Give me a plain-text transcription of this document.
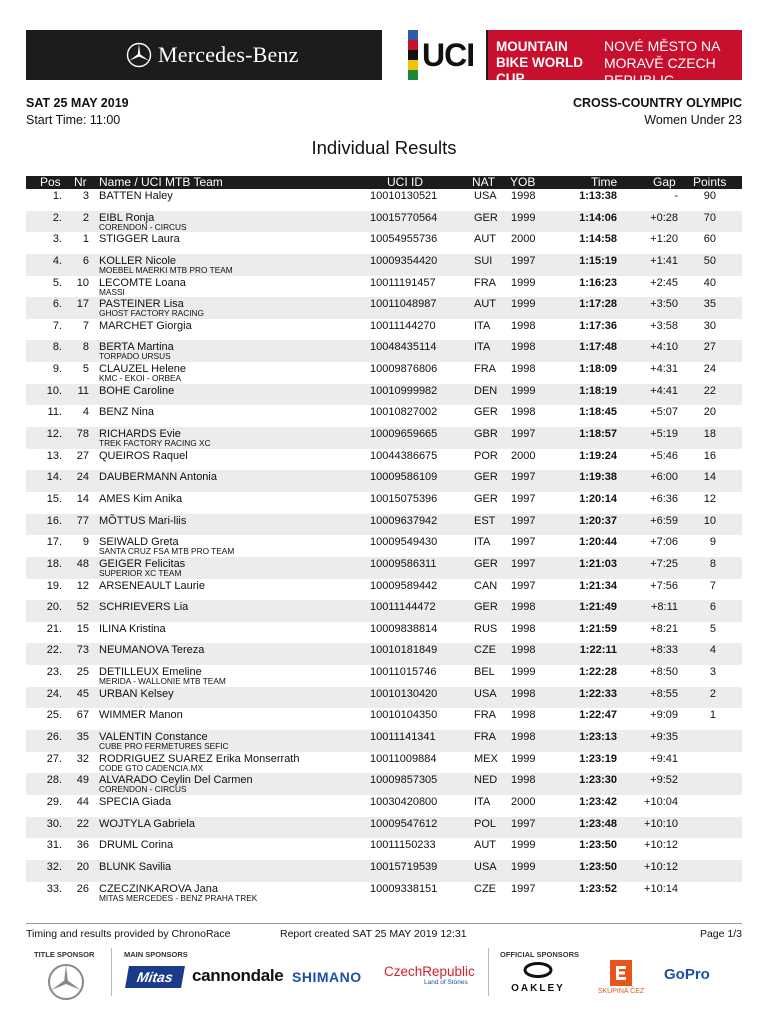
Mercedes-Benz	UCI MOUNTAIN BIKE WORLD CUP
NOVÉ MĚSTO NA MORAVĚ CZECH REPUBLIC
SAT 25 MAY 2019
Start Time: 11:00
CROSS-COUNTRY OLYMPIC
Women Under 23
Individual Results
Pos Nr Name / UCI MTB Team	UCI ID	NAT YOB	Time	Gap Points
1. 3 BATTEN Haley	10010130521	USA 1998	1:13:38	- 90
2. 2 EIBL Ronja
CORENDON - CIRCUS
10015770564	GER 1999	1:14:06	+0:28 70
3. 1 STIGGER Laura	10054955736	AUT 2000	1:14:58	+1:20 60
4. 6 KOLLER Nicole
MOEBEL MAERKI MTB PRO TEAM
10009354420	SUI 1997	1:15:19	+1:41 50
5. 10 LECOMTE Loana
MASSI
10011191457	FRA 1999	1:16:23	+2:45 40
6. 17 PASTEINER Lisa
GHOST FACTORY RACING
10011048987	AUT 1999	1:17:28	+3:50 35
7. 7 MARCHET Giorgia	10011144270	ITA 1998	1:17:36	+3:58 30
8. 8 BERTA Martina
TORPADO URSUS
10048435114	ITA 1998	1:17:48	+4:10 27
9. 5 CLAUZEL Helene
KMC - EKOI - ORBEA
10009876806	FRA 1998	1:18:09	+4:31 24
10. 11 BOHE Caroline	10010999982	DEN 1999	1:18:19	+4:41 22
11. 4 BENZ Nina	10010827002	GER 1998	1:18:45	+5:07 20
12. 78 RICHARDS Evie
TREK FACTORY RACING XC
10009659665	GBR 1997	1:18:57	+5:19 18
13. 27 QUEIROS Raquel	10044386675	POR 2000	1:19:24	+5:46 16
14. 24 DAUBERMANN Antonia	10009586109	GER 1997	1:19:38	+6:00 14
15. 14 AMES Kim Anika	10015075396	GER 1997	1:20:14	+6:36 12
16. 77 MÕTTUS Mari-liis	10009637942	EST 1997	1:20:37	+6:59 10
17. 9 SEIWALD Greta
SANTA CRUZ FSA MTB PRO TEAM
10009549430	ITA 1997	1:20:44	+7:06	9
18. 48 GEIGER Felicitas
SUPERIOR XC TEAM
10009586311	GER 1997	1:21:03	+7:25	8
19. 12 ARSENEAULT Laurie	10009589442	CAN 1997	1:21:34	+7:56	7
20. 52 SCHRIEVERS Lia	10011144472	GER 1998	1:21:49	+8:11	6
21. 15 ILINA Kristina	10009838814	RUS 1998	1:21:59	+8:21	5
22. 73 NEUMANOVA Tereza	10010181849	CZE 1998	1:22:11	+8:33	4
23. 25 DETILLEUX Emeline
MERIDA - WALLONIE MTB TEAM
10011015746	BEL 1999	1:22:28	+8:50	3
24. 45 URBAN Kelsey	10010130420	USA 1998	1:22:33	+8:55	2
25. 67 WIMMER Manon	10010104350	FRA 1998	1:22:47	+9:09	1
26. 35 VALENTIN Constance
CUBE PRO FERMETURES SEFIC
10011141341	FRA 1998	1:23:13	+9:35
27. 32 RODRIGUEZ SUAREZ Erika Monserrath
CODE GTO CADENCIA.MX
10011009884	MEX 1999	1:23:19	+9:41
28. 49 ALVARADO Ceylin Del Carmen
CORENDON - CIRCUS
10009857305	NED 1998	1:23:30	+9:52
29. 44 SPECIA Giada	10030420800	ITA 2000	1:23:42 +10:04
30. 22 WOJTYLA Gabriela	10009547612	POL 1997	1:23:48 +10:10
31. 36 DRUML Corina	10011150233	AUT 1999	1:23:50 +10:12
32. 20 BLUNK Savilia	10015719539	USA 1999	1:23:50 +10:12
33. 26 CZECZINKAROVA Jana
MITAS MERCEDES - BENZ PRAHA TREK
10009338151	CZE 1997	1:23:52 +10:14
Timing and results provided by ChronoRace	Report created SAT 25 MAY 2019 12:31	Page 1/3
TITLE SPONSOR	MAIN SPONSORS	OFFICIAL SPONSORS
Mitas cannondale SHIMANO CzechRepublic
Land of Stories
OAKLEY	SKUPINA ČEZ
GoPro
